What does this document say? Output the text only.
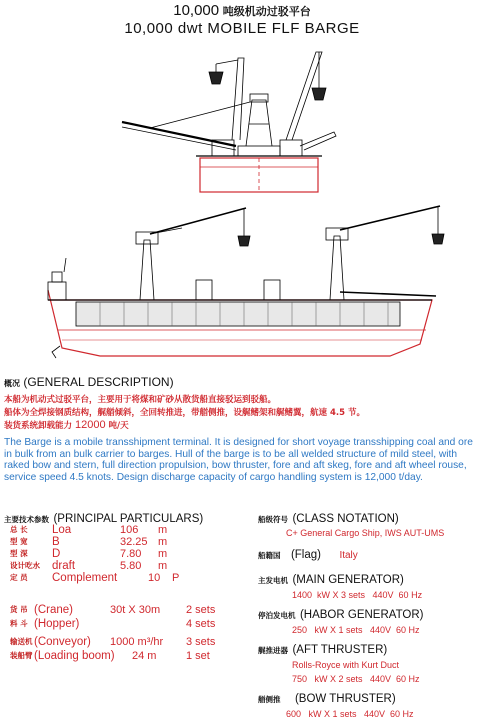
10,000 吨级机动过驳平台
10,000 dwt MOBILE FLF BARGE
概况 (GENERAL DESCRIPTION)
本船为机动式过驳平台，主要用于将煤和矿砂从散货船直接驳运到驳船。
船体为全焊接钢质结构，艉艏倾斜，全回转推进，带艏侧推，设艉鳍架和艉鳍翼，航速 4.5 节。
装货系统卸载能力 12000 吨/天
The Barge is a mobile transshipment terminal. It is designed for short voyage transshipping coal and ore in bulk from an bulk carrier to barges. Hull of the barge is to be all welded structure of mild steel, with raked bow and stern, full direction propulsion, bow thruster, fore and aft skeg, fore and aft wheel rouse, service speed 4.5 knots. Design discharge capacity of cargo handling system is 12,000 t/day.
主要技术参数 (PRINCIPAL PARTICULARS)
总 长 Loa	106 m
型 宽 B	32.25 m
型 深 D	7.80 m
设计吃水 draft	5.80 m
定 员 Complement	10 P
货 吊 (Crane)	30t X 30m 2 sets
料 斗 (Hopper)	4 sets
输送机 (Conveyor) 1000 m³/hr 3 sets
装船臂 (Loading boom) 24 m	1 set
船级符号 (CLASS NOTATION)
C+ General Cargo Ship, IWS AUT-UMS
船籍国 (Flag) Italy
主发电机 (MAIN GENERATOR)
1400  kW X 3 sets   440V  60 Hz
停泊发电机 (HABOR GENERATOR)
250   kW X 1 sets   440V  60 Hz
艉推进器 (AFT THRUSTER)
Rolls-Royce with Kurt Duct
750   kW X 2 sets   440V  60 Hz
艏侧推 (BOW THRUSTER)
600   kW X 1 sets   440V  60 Hz
